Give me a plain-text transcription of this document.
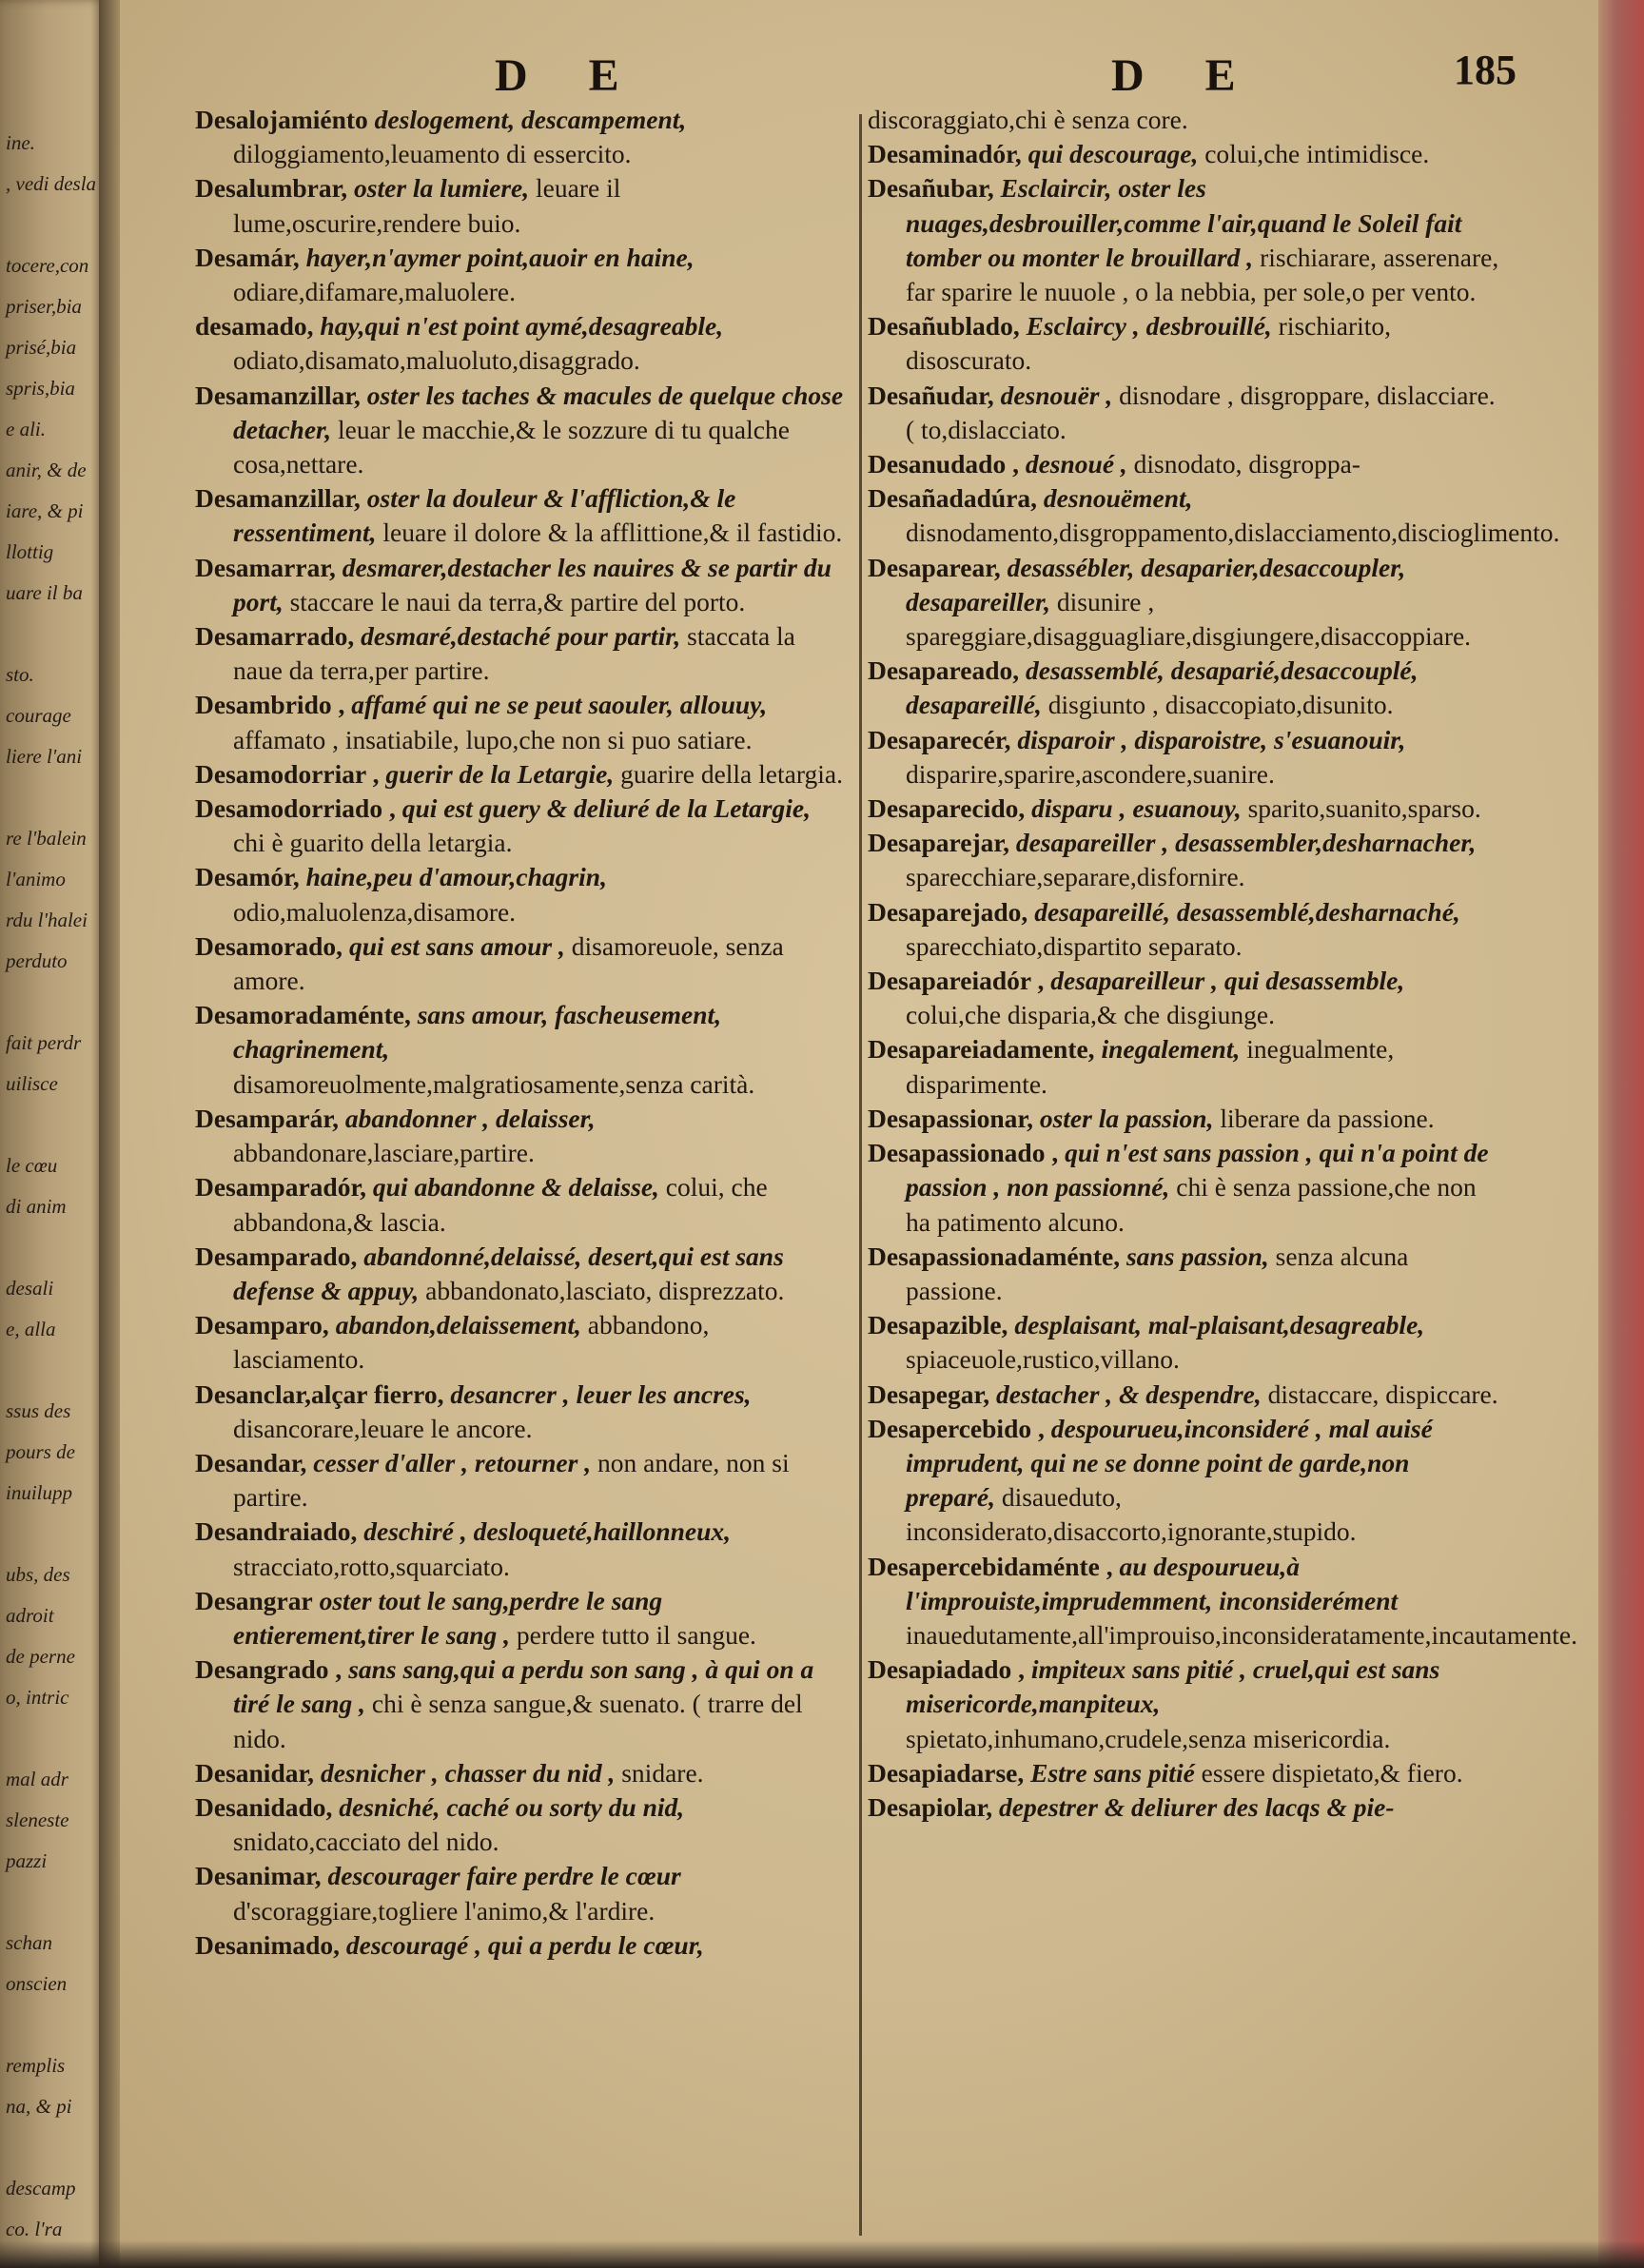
D E	D E	185
ine.
, vedi desla
tocere,con
priser,bia
prisé,bia
spris,bia
e ali.
anir, & de
iare, & pi
llottig
uare il ba
sto.
courage
liere l'ani
re l'balein
l'animo
rdu l'halei
perduto
fait perdr
uilisce
le cœu
di anim
desali
e, alla
ssus des
pours de
inuilupp
ubs, des
adroit
de perne
o, intric
mal adr
sleneste
pazzi
schan
onscien
remplis
na, & pi
descamp
co. l'ra

Desalojamiénto deslogement, descampement, diloggiamento,leuamento di essercito.

Desalumbrar, oster la lumiere, leuare il lume,oscurire,rendere buio.

Desamár, hayer,n'aymer point,auoir en haine, odiare,difamare,maluolere.

desamado, hay,qui n'est point aymé,desagreable, odiato,disamato,maluoluto,disaggrado.

Desamanzillar, oster les taches & macules de quelque chose detacher, leuar le macchie,& le sozzure di tu qualche cosa,nettare.

Desamanzillar, oster la douleur & l'affliction,& le ressentiment, leuare il dolore & la afflittione,& il fastidio.

Desamarrar, desmarer,destacher les nauires & se partir du port, staccare le naui da terra,& partire del porto.

Desamarrado, desmaré,destaché pour partir, staccata la naue da terra,per partire.

Desambrido , affamé qui ne se peut saouler, allouuy, affamato , insatiabile, lupo,che non si puo satiare.

Desamodorriar , guerir de la Letargie, guarire della letargia.

Desamodorriado , qui est guery & deliuré de la Letargie, chi è guarito della letargia.

Desamór, haine,peu d'amour,chagrin, odio,maluolenza,disamore.

Desamorado, qui est sans amour , disamoreuole, senza amore.

Desamoradaménte, sans amour, fascheusement, chagrinement, disamoreuolmente,malgratiosamente,senza carità.

Desamparár, abandonner , delaisser, abbandonare,lasciare,partire.

Desamparadór, qui abandonne & delaisse, colui, che abbandona,& lascia.

Desamparado, abandonné,delaissé, desert,qui est sans defense & appuy, abbandonato,lasciato, disprezzato.

Desamparo, abandon,delaissement, abbandono, lasciamento.

Desanclar,alçar fierro, desancrer , leuer les ancres, disancorare,leuare le ancore.

Desandar, cesser d'aller , retourner , non andare, non si partire.

Desandraiado, deschiré , desloqueté,haillonneux, stracciato,rotto,squarciato.

Desangrar oster tout le sang,perdre le sang entierement,tirer le sang , perdere tutto il sangue.

Desangrado , sans sang,qui a perdu son sang , à qui on a tiré le sang , chi è senza sangue,& suenato. ( trarre del nido.

Desanidar, desnicher , chasser du nid , snidare.

Desanidado, desniché, caché ou sorty du nid, snidato,cacciato del nido.

Desanimar, descourager faire perdre le cœur d'scoraggiare,togliere l'animo,& l'ardire.

Desanimado, descouragé , qui a perdu le cœur,

discoraggiato,chi è senza core.

Desaminadór, qui descourage, colui,che intimidisce.

Desañubar, Esclaircir, oster les nuages,desbrouiller,comme l'air,quand le Soleil fait tomber ou monter le brouillard , rischiarare, asserenare, far sparire le nuuole , o la nebbia, per sole,o per vento.

Desañublado, Esclaircy , desbrouillé, rischiarito, disoscurato.

Desañudar, desnouër , disnodare , disgroppare, dislacciare. ( to,dislacciato.

Desanudado , desnoué , disnodato, disgroppa-

Desañadadúra, desnouëment, disnodamento,disgroppamento,dislacciamento,discioglimento.

Desaparear, desassébler, desaparier,desaccoupler, desapareiller, disunire , spareggiare,disagguagliare,disgiungere,disaccoppiare.

Desapareado, desassemblé, desaparié,desaccouplé, desapareillé, disgiunto , disaccopiato,disunito.

Desaparecér, disparoir , disparoistre, s'esuanouir, disparire,sparire,ascondere,suanire.

Desaparecido, disparu , esuanouy, sparito,suanito,sparso.

Desaparejar, desapareiller , desassembler,desharnacher, sparecchiare,separare,disfornire.

Desaparejado, desapareillé, desassemblé,desharnaché, sparecchiato,dispartito separato.

Desapareiadór , desapareilleur , qui desassemble, colui,che disparia,& che disgiunge.

Desapareiadamente, inegalement, inegualmente, disparimente.

Desapassionar, oster la passion, liberare da passione.

Desapassionado , qui n'est sans passion , qui n'a point de passion , non passionné, chi è senza passione,che non ha patimento alcuno.

Desapassionadaménte, sans passion, senza alcuna passione.

Desapazible, desplaisant, mal-plaisant,desagreable, spiaceuole,rustico,villano.

Desapegar, destacher , & despendre, distaccare, dispiccare.

Desapercebido , despourueu,inconsideré , mal auisé imprudent, qui ne se donne point de garde,non preparé, disaueduto, inconsiderato,disaccorto,ignorante,stupido.

Desapercebidaménte , au despourueu,à l'improuiste,imprudemment, inconsiderément inauedutamente,all'improuiso,inconsideratamente,incautamente.

Desapiadado , impiteux sans pitié , cruel,qui est sans misericorde,manpiteux, spietato,inhumano,crudele,senza misericordia.

Desapiadarse, Estre sans pitié essere dispietato,& fiero.

Desapiolar, depestrer & deliurer des lacqs & pie-
